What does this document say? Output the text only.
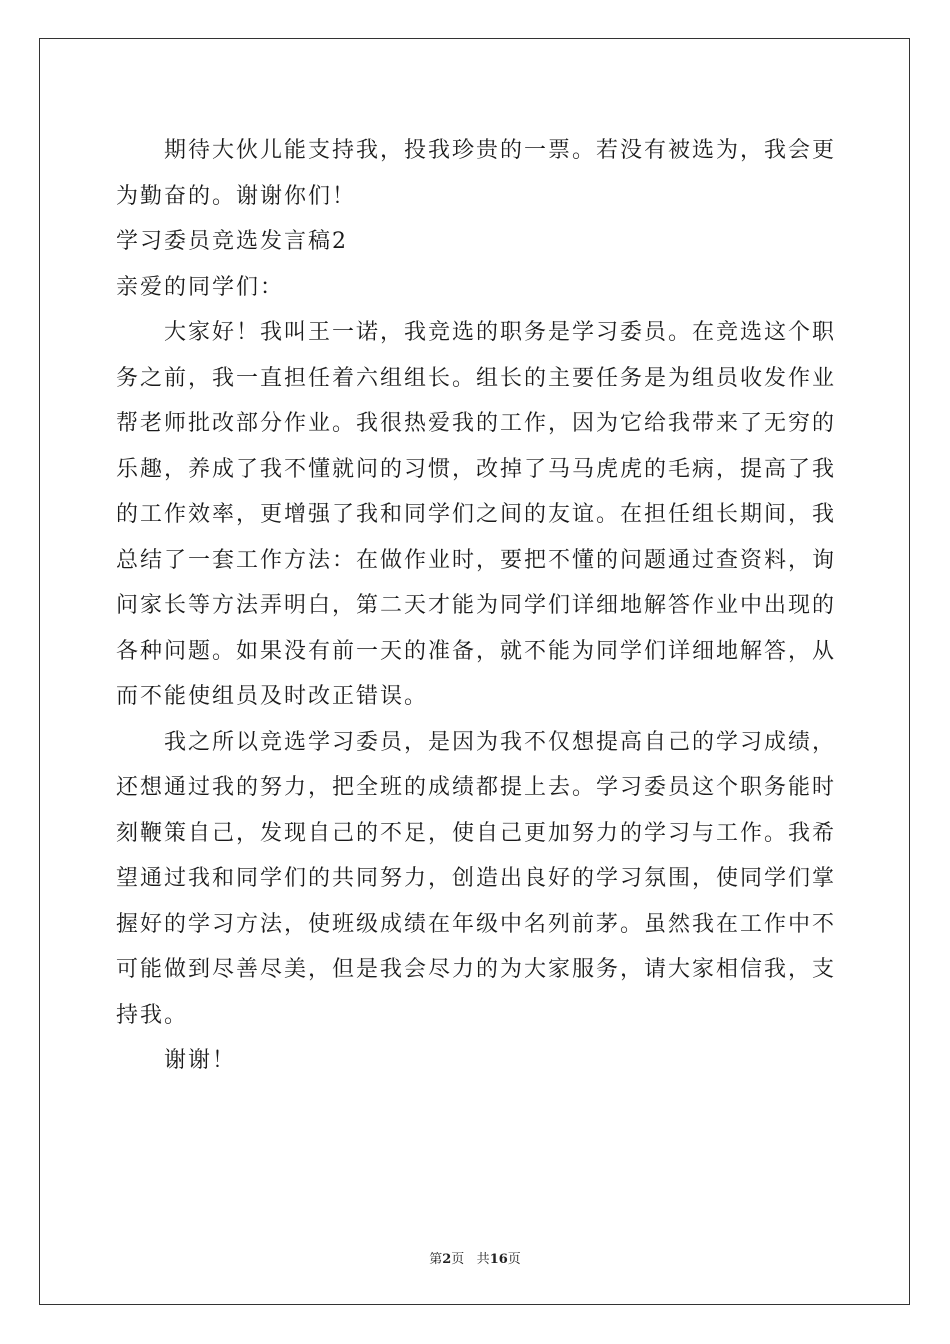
期待大伙儿能支持我，投我珍贵的一票。若没有被选为，我会更为勤奋的。谢谢你们！

学习委员竞选发言稿2

亲爱的同学们：

大家好！我叫王一诺，我竞选的职务是学习委员。在竞选这个职务之前，我一直担任着六组组长。组长的主要任务是为组员收发作业帮老师批改部分作业。我很热爱我的工作，因为它给我带来了无穷的乐趣，养成了我不懂就问的习惯，改掉了马马虎虎的毛病，提高了我的工作效率，更增强了我和同学们之间的友谊。在担任组长期间，我总结了一套工作方法：在做作业时，要把不懂的问题通过查资料，询问家长等方法弄明白，第二天才能为同学们详细地解答作业中出现的各种问题。如果没有前一天的准备，就不能为同学们详细地解答，从而不能使组员及时改正错误。

我之所以竞选学习委员，是因为我不仅想提高自己的学习成绩，还想通过我的努力，把全班的成绩都提上去。学习委员这个职务能时刻鞭策自己，发现自己的不足，使自己更加努力的学习与工作。我希望通过我和同学们的共同努力，创造出良好的学习氛围，使同学们掌握好的学习方法，使班级成绩在年级中名列前茅。虽然我在工作中不可能做到尽善尽美，但是我会尽力的为大家服务，请大家相信我，支持我。

谢谢！

第2页 共16页
